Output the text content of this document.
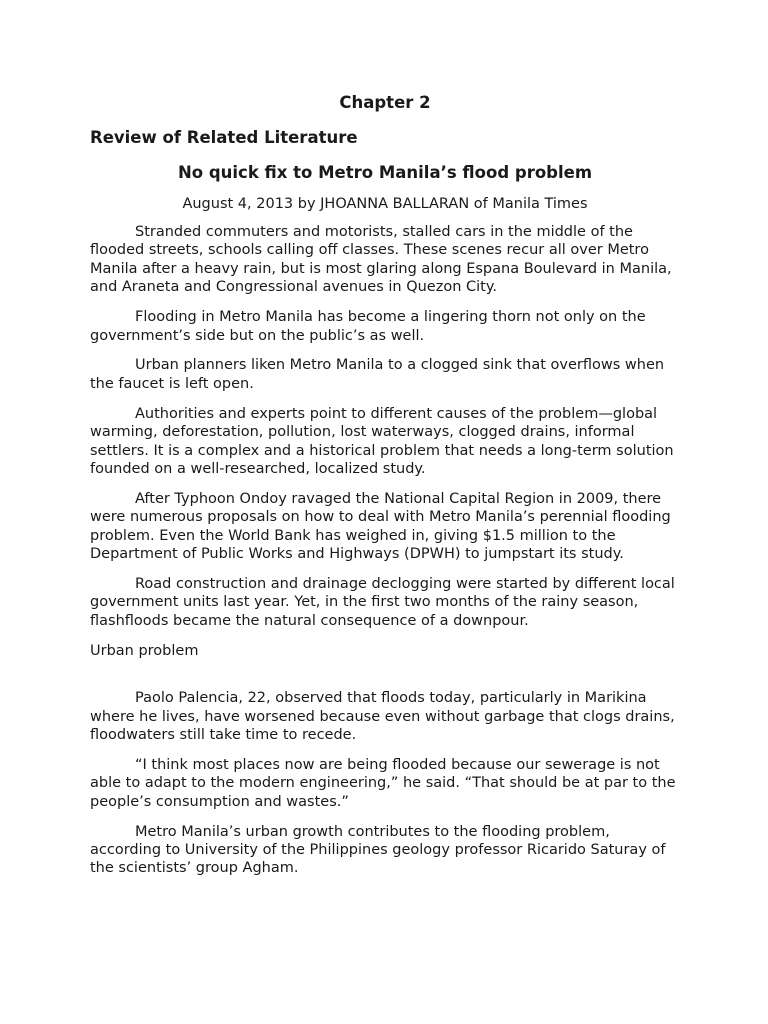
Chapter 2
Review of Related Literature
No quick fix to Metro Manila’s flood problem
August 4, 2013 by JHOANNA BALLARAN of Manila Times

Stranded commuters and motorists, stalled cars in the middle of the flooded streets, schools calling off classes. These scenes recur all over Metro Manila after a heavy rain, but is most glaring along Espana Boulevard in Manila, and Araneta and Congressional avenues in Quezon City.

Flooding in Metro Manila has become a lingering thorn not only on the government’s side but on the public’s as well.

Urban planners liken Metro Manila to a clogged sink that overflows when the faucet is left open.

Authorities and experts point to different causes of the problem—global warming, deforestation, pollution, lost waterways, clogged drains, informal settlers. It is a complex and a historical problem that needs a long-term solution founded on a well-researched, localized study.

After Typhoon Ondoy ravaged the National Capital Region in 2009, there were numerous proposals on how to deal with Metro Manila’s perennial flooding problem. Even the World Bank has weighed in, giving $1.5 million to the Department of Public Works and Highways (DPWH) to jumpstart its study.

Road construction and drainage declogging were started by different local government units last year. Yet, in the first two months of the rainy season, flashfloods became the natural consequence of a downpour.

Urban problem

Paolo Palencia, 22, observed that floods today, particularly in Marikina where he lives, have worsened because even without garbage that clogs drains, floodwaters still take time to recede.

“I think most places now are being flooded because our sewerage is not able to adapt to the modern engineering,” he said. “That should be at par to the people’s consumption and wastes.”

Metro Manila’s urban growth contributes to the flooding problem, according to University of the Philippines geology professor Ricarido Saturay of the scientists’ group Agham.
